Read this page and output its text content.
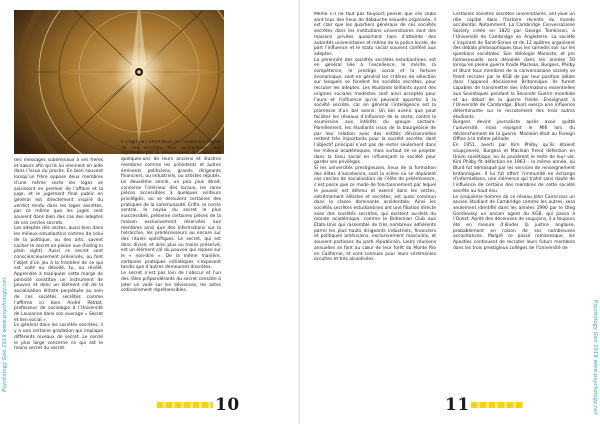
des messages subliminaux à ses frères et sœurs afin qu’ils lui viennent en aide dans l’issue du procès. En bien souvent lorsqu’un frère oppose deux membres d’une même secte les loges se saisissent en premier de l’affaire et la juge, et le jugement final public en général est directement inspiré du verdict rendu dans les loges secrètes, par ce même que les juges sont souvent dans bien des cas des adeptes de ces cercles secrets.

Les adeptes des sectes, aussi bien dans les milieux estudiantins comme de celui de la politique, ou des arts, savent cacher le secret en pleine vue (hiding in plain sight). Aussi ce secret sont consciencieusement préservés, ou font l’objet d’un jeu à la frontière de ce qui est voilé ou dévoilé, tu, ou révélé. Apprendre à manipuler cette marge de porosité constitue un instrument de pouvoir et donc un élément clé de la socialisation élitiste perpétuée au sein de ces sociétés secrètes comme l’affirme ici bien André Petitat, professeur de sociologie à l’Université de Lausanne dans son ouvrage « Secret et lien social ».

En général dans les sociétés secrètes, il y a une certaine gradation qui implique différents niveaux de secret. Le cercle le plus large concerne ce qui est le moins secret du secret.

Il s’agit de l’affirmation de l’existence même de ces sociétés, leur localisation, leur réputation par le dévoilement des noms de quelques-uns de leurs anciens et illustres membres comme les présidents et autres éminents politiciens, grands dirigeants financiers, ou industriels, ou artistes réputés. Le deuxième cercle, un peu plus étroit, concerne l’intérieur des locaux, les rares pièces accessibles à quelques visiteurs privilégiés, où se déroulent certaines des pratiques de la communauté. Enfin, le cercle central, le noyau du secret le plus inaccessible, préserve certaines pièces de la maison exclusivement réservées aux membres ainsi que des informations sur la hiérarchie, les prédécesseurs ou encore sur des rituels spécifiques. Le secret, qui est donc divisé, et ainsi plus ou moins préservé, est un élément clé du pouvoir qui repose sur le « non-dire ». De la même manière, certaines pratiques initiatiques s’exposent tandis que d’autres demeurent discrètes.

Le secret n’est pas loin de l’obscur et l’un des rôles prépondérants du secret consiste à jeter un voile sur les déviances, les actes ordinairement répréhensibles.

Psychology Geo 2019 www.psychology.net
10

Même s’il ne faut pas toujours penser que ces clubs sont tous des lieux de débauche sexuelle organisée, il est clair que les quartiers généraux de ces sociétés secrètes dans les institutions universitaires sont des maisons privées quasiment hors d’atteinte des autorités universitaires et même de la police locale, de part l’influence et le statu social souvent conféré aux adeptes.

La pérennité des sociétés secrètes estudiantines, est en général liée à l’excellence, le mérite, la compétence, le prestige social et la fortune économique, sont en général les critères de sélection sur lesquels se fondent les sociétés secrètes, pour recruter les adeptes. Les étudiants brillants ayant des origines sociales modestes sont ainsi acceptés pour l’aura et l’influence qu’ils peuvent apporter à la société secrète, car en général l’intelligence est la promesse d’un bel avenir. Un bel avenir que peut faciliter les réseaux d’influence de la secte, contre la soumission aux intérêts du groupe sectaire. Pareillement, les étudiants issus de la bourgeoisie de par leur relation avec des entités décisionnelles restent très importants pour la société secrète, dont l’objectif principal n’est pas de rester seulement dans les milieux académiques, mais surtout de se projeter dans la tissu social en influençant la société pour garder ses privilèges.

Si les universités prestigieuses, lieux de la formation des élites d’excellence, sont la scène où se déploient ces cercles de socialisation de l’élite de prééminence, c’est parce que ce mode de fonctionnement par lequel le pouvoir est détenu et exercé dans les sectes, extrêmement élitistes et secrètes, est aussi commun dans la classe dominante occidentale. Ainsi les sociétés secrètes estudiantines ont une filiation directe avec des sociétés secrètes, qui existent au-delà du monde académique, comme le Bohemian Club aux États-Unis qui rassemble de très nombreux adhérents parmi les plus hauts dirigeants industriels, financiers et politiques américains, exclusivement masculins, et souvent partisans du parti républicain. Leurs réunions annuelles se font au cœur de leur forêt du Monte Rio en Californie, et sont connues pour leurs cérémonies occultes et très alcoolisées.

Certaines sociétés secrètes universitaires, ont joué un rôle capital dans l’histoire récente du monde occidental. Notamment, La Cambridge Conversazione Society créée en 1820 par George Tomlinson, à l’Université de Cambridge en Angleterre. La société s’inspirant de Saint-Simon et de 12 apôtres organisent des débats philosophiques tous les samedis soir sur les questions sociétales. Son idéologie Marxiste, et pro homosexuelle sera dévoilée dans les années 50 lorsqu’en pleine guerre froide Maclean, Burgess, Philby et Blunt tous membres de la conversazione society se firent recruter par le KGB de par leur position idéale dans l’appareil décisionnel Britannique. Ils furent capables de transmettre des informations essentielles aux Soviétiques pendant la Seconde Guerre mondiale et au début de la guerre froide. Enseignant à l’Université de Cambridge, Blunt exerça une influence déterminante sur le recrutement des trois autres étudiants.

Burgess devint journaliste après avoir quitté l’université, mais rejoignit le MI6 lors du déclenchement de la guerre. Maclean était au Foreign Office à la même période.

En 1951, averti par Kim Philby qu’ils étaient soupçonnés, Burgess et Maclean firent défection en Union soviétique, où ils passèrent le reste de leur vie. Kim Philby fit défection en 1963 – la même année, où Blunt fut démasqué par les services de renseignement britanniques. Il lui fut offert l’immunité en échange d’informations, une clémence qui trahit sans doute de l’influence de certains des membres de cette société secrète au haut lieu.

Le cinquième homme de ce réseau John Cairncross un ancien étudiant de Cambridge comme les autres, sera seulement identifié dans les années 1990 par le Oleg Gordievsky un ancien agent du KGB, qui passa à l’Ouest. Après des décennies de soupçons, il a toujours été en mesure d’éluder la justice anglaise, probablement en raison de ses nombreuses accointances. Malgré ce passé romanesque, les Apostles continuent de recruter leurs futurs membres dans les trois prestigieux collèges de l’Université de

11	Psychology Geo 2019 www.psychology.net
